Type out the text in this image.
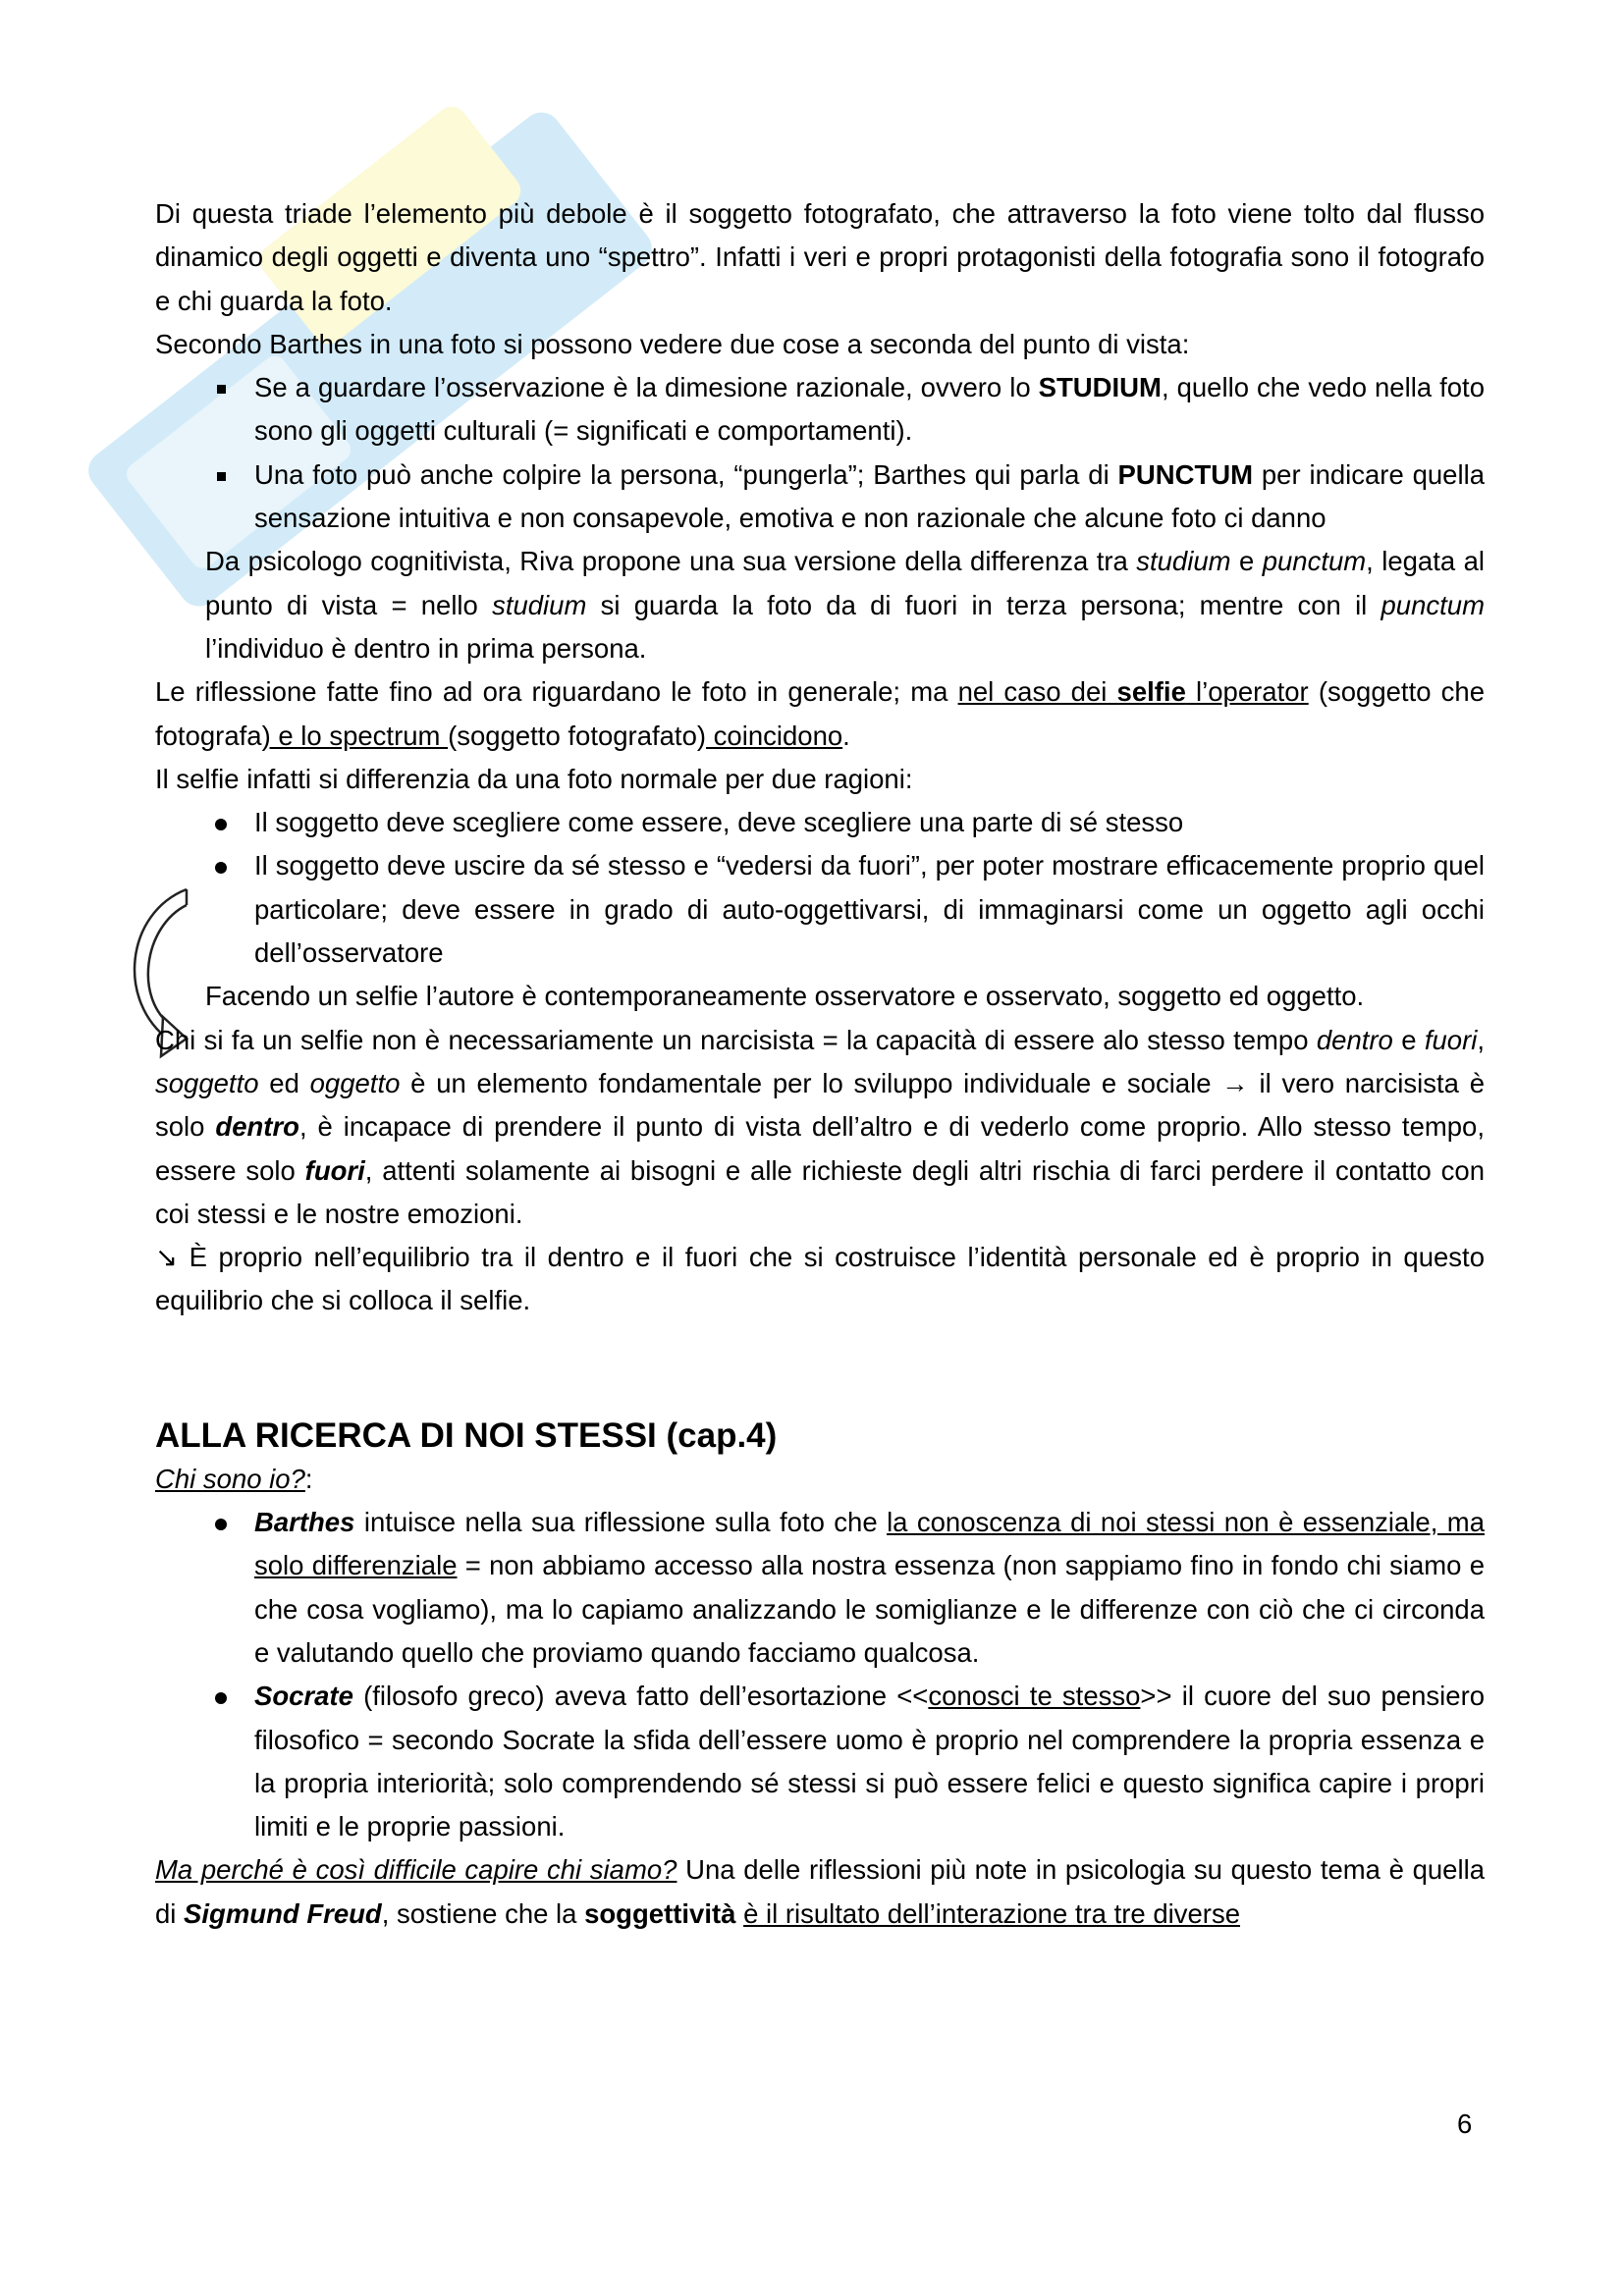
Di questa triade l’elemento più debole è il soggetto fotografato, che attraverso la foto viene tolto dal flusso dinamico degli oggetti e diventa uno “spettro”. Infatti i veri e propri protagonisti della fotografia sono il fotografo e chi guarda la foto.

Secondo Barthes in una foto si possono vedere due cose a seconda del punto di vista:

Se a guardare l’osservazione è la dimesione razionale, ovvero lo STUDIUM, quello che vedo nella foto sono gli oggetti culturali (= significati e comportamenti).

Una foto può anche colpire la persona, “pungerla”; Barthes qui parla di PUNCTUM per indicare quella sensazione intuitiva e non consapevole, emotiva e non razionale che alcune foto ci danno

Da psicologo cognitivista, Riva propone una sua versione della differenza tra studium e punctum, legata al punto di vista = nello studium si guarda la foto da di fuori in terza persona; mentre con il punctum l’individuo è dentro in prima persona.

Le riflessione fatte fino ad ora riguardano le foto in generale; ma nel caso dei selfie l’operator (soggetto che fotografa) e lo spectrum (soggetto fotografato) coincidono.

Il selfie infatti si differenzia da una foto normale per due ragioni:

Il soggetto deve scegliere come essere, deve scegliere una parte di sé stesso

Il soggetto deve uscire da sé stesso e “vedersi da fuori”, per poter mostrare efficacemente proprio quel particolare; deve essere in grado di auto-oggettivarsi, di immaginarsi come un oggetto agli occhi dell’osservatore

Facendo un selfie l’autore è contemporaneamente osservatore e osservato, soggetto ed oggetto.

Chi si fa un selfie non è necessariamente un narcisista = la capacità di essere alo stesso tempo dentro e fuori, soggetto ed oggetto è un elemento fondamentale per lo sviluppo individuale e sociale → il vero narcisista è solo dentro, è incapace di prendere il punto di vista dell’altro e di vederlo come proprio. Allo stesso tempo, essere solo fuori, attenti solamente ai bisogni e alle richieste degli altri rischia di farci perdere il contatto con coi stessi e le nostre emozioni.

↘ È proprio nell’equilibrio tra il dentro e il fuori che si costruisce l’identità personale ed è proprio in questo equilibrio che si colloca il selfie.

ALLA RICERCA DI NOI STESSI (cap.4)

Chi sono io?:

Barthes intuisce nella sua riflessione sulla foto che la conoscenza di noi stessi non è essenziale, ma solo differenziale = non abbiamo accesso alla nostra essenza (non sappiamo fino in fondo chi siamo e che cosa vogliamo), ma lo capiamo analizzando le somiglianze e le differenze con ciò che ci circonda e valutando quello che proviamo quando facciamo qualcosa.

Socrate (filosofo greco) aveva fatto dell’esortazione <<conosci te stesso>> il cuore del suo pensiero filosofico = secondo Socrate la sfida dell’essere uomo è proprio nel comprendere la propria essenza e la propria interiorità; solo comprendendo sé stessi si può essere felici e questo significa capire i propri limiti e le proprie passioni.

Ma perché è così difficile capire chi siamo? Una delle riflessioni più note in psicologia su questo tema è quella di Sigmund Freud, sostiene che la soggettività è il risultato dell’interazione tra tre diverse

6
